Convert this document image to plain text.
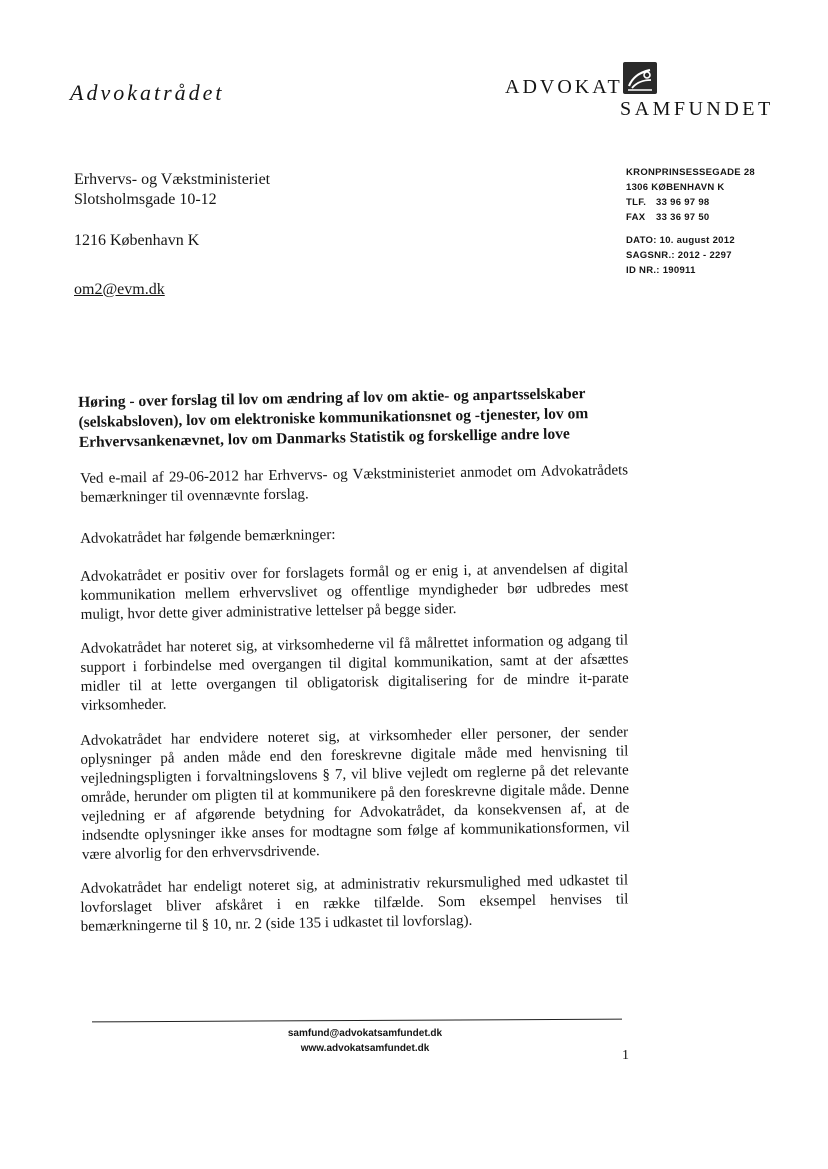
Advokatrådet	ADVOKAT
SAMFUNDET
Erhvervs- og Vækstministeriet
Slotsholmsgade 10-12
1216 København K
om2@evm.dk
KRONPRINSESSEGADE 28
1306 KØBENHAVN K
TLF. 33 96 97 98
FAX 33 36 97 50
DATO: 10. august 2012
SAGSNR.: 2012 - 2297
ID NR.: 190911
Høring - over forslag til lov om ændring af lov om aktie- og anpartsselskaber (selskabsloven), lov om elektroniske kommunikationsnet og -tjenester, lov om Erhvervsankenævnet, lov om Danmarks Statistik og forskellige andre love

Ved e-mail af 29-06-2012 har Erhvervs- og Vækstministeriet anmodet om Advokatrådets bemærkninger til ovennævnte forslag.

Advokatrådet har følgende bemærkninger:

Advokatrådet er positiv over for forslagets formål og er enig i, at anvendelsen af digital kommunikation mellem erhvervslivet og offentlige myndigheder bør udbredes mest muligt, hvor dette giver administrative lettelser på begge sider.

Advokatrådet har noteret sig, at virksomhederne vil få målrettet information og adgang til support i forbindelse med overgangen til digital kommunikation, samt at der afsættes midler til at lette overgangen til obligatorisk digitalisering for de mindre it-parate virksomheder.

Advokatrådet har endvidere noteret sig, at virksomheder eller personer, der sender oplysninger på anden måde end den foreskrevne digitale måde med henvisning til vejledningspligten i forvaltningslovens § 7, vil blive vejledt om reglerne på det relevante område, herunder om pligten til at kommunikere på den foreskrevne digitale måde. Denne vejledning er af afgørende betydning for Advokatrådet, da konsekvensen af, at de indsendte oplysninger ikke anses for modtagne som følge af kommunikationsformen, vil være alvorlig for den erhvervsdrivende.

Advokatrådet har endeligt noteret sig, at administrativ rekursmulighed med udkastet til lovforslaget bliver afskåret i en række tilfælde. Som eksempel henvises til bemærkningerne til § 10, nr. 2 (side 135 i udkastet til lovforslag).

samfund@advokatsamfundet.dk
www.advokatsamfundet.dk	1
